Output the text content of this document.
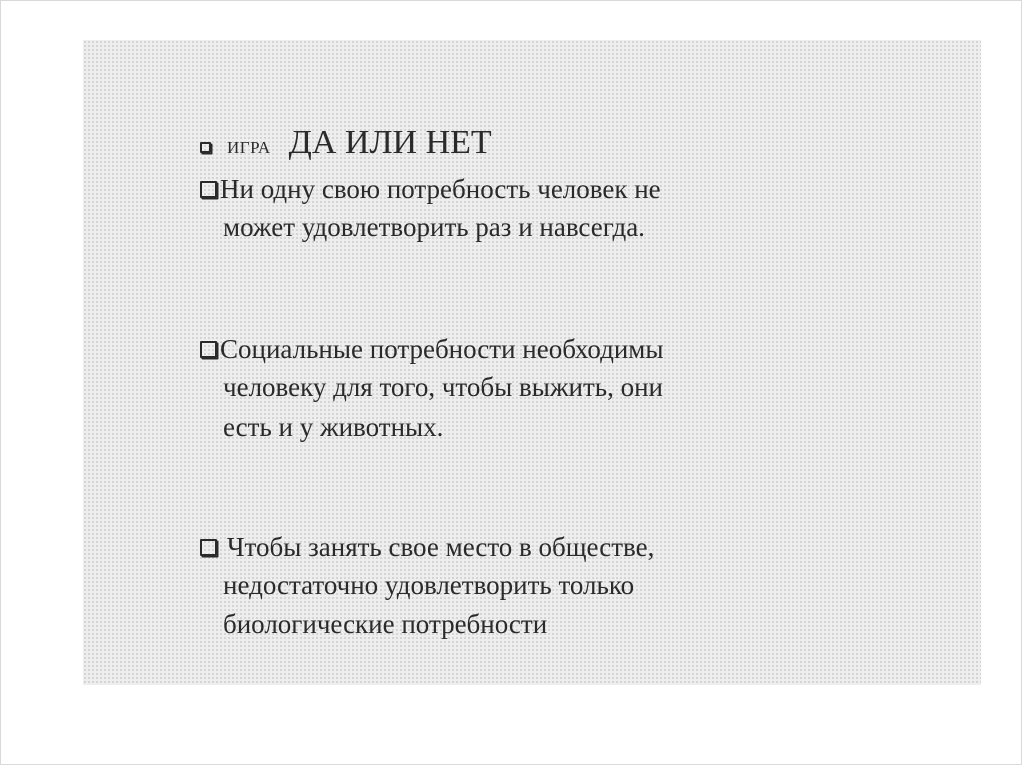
ИГРА ДА ИЛИ НЕТ
Ни одну свою потребность человек не
может удовлетворить раз и навсегда.
Социальные потребности необходимы
человеку для того, чтобы выжить, они
есть и у животных.
Чтобы занять свое место в обществе,
недостаточно удовлетворить только
биологические потребности
